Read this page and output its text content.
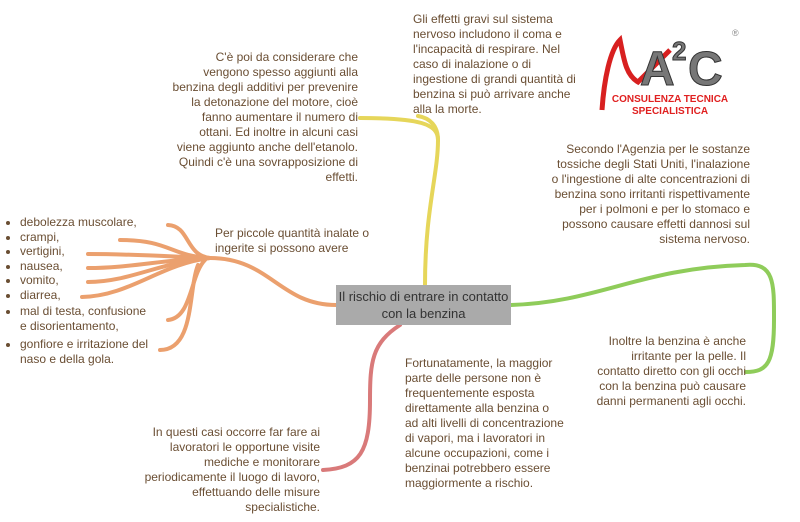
A
2 C
®
CONSULENZA TECNICA
SPECIALISTICA
Il rischio di entrare in contatto con la benzina
C'è poi da considerare che vengono spesso aggiunti alla benzina degli additivi per prevenire la detonazione del motore, cioè fanno aumentare il numero di ottani. Ed inoltre in alcuni casi viene aggiunto anche dell'etanolo. Quindi c'è una sovrapposizione di effetti.
Gli effetti gravi sul sistema nervoso includono il coma e l'incapacità di respirare. Nel caso di inalazione o di ingestione di grandi quantità di benzina si può arrivare anche alla la morte.
Secondo l'Agenzia per le sostanze tossiche degli Stati Uniti, l'inalazione o l'ingestione di alte concentrazioni di benzina sono irritanti rispettivamente per i polmoni e per lo stomaco e possono causare effetti dannosi sul sistema nervoso.
Inoltre la benzina è anche irritante per la pelle. Il contatto diretto con gli occhi con la benzina può causare danni permanenti agli occhi.
Fortunatamente, la maggior parte delle persone non è frequentemente esposta direttamente alla benzina o ad alti livelli di concentrazione di vapori, ma i lavoratori in alcune occupazioni, come i benzinai potrebbero essere maggiormente a rischio.
In questi casi occorre far fare ai lavoratori le opportune visite mediche e monitorare periodicamente il luogo di lavoro, effettuando delle misure specialistiche.
Per piccole quantità inalate o ingerite si possono avere
• debolezza muscolare,
• crampi,
• vertigini,
• nausea,
• vomito,
• diarrea,
• mal di testa, confusione e disorientamento,
• gonfiore e irritazione del naso e della gola.
